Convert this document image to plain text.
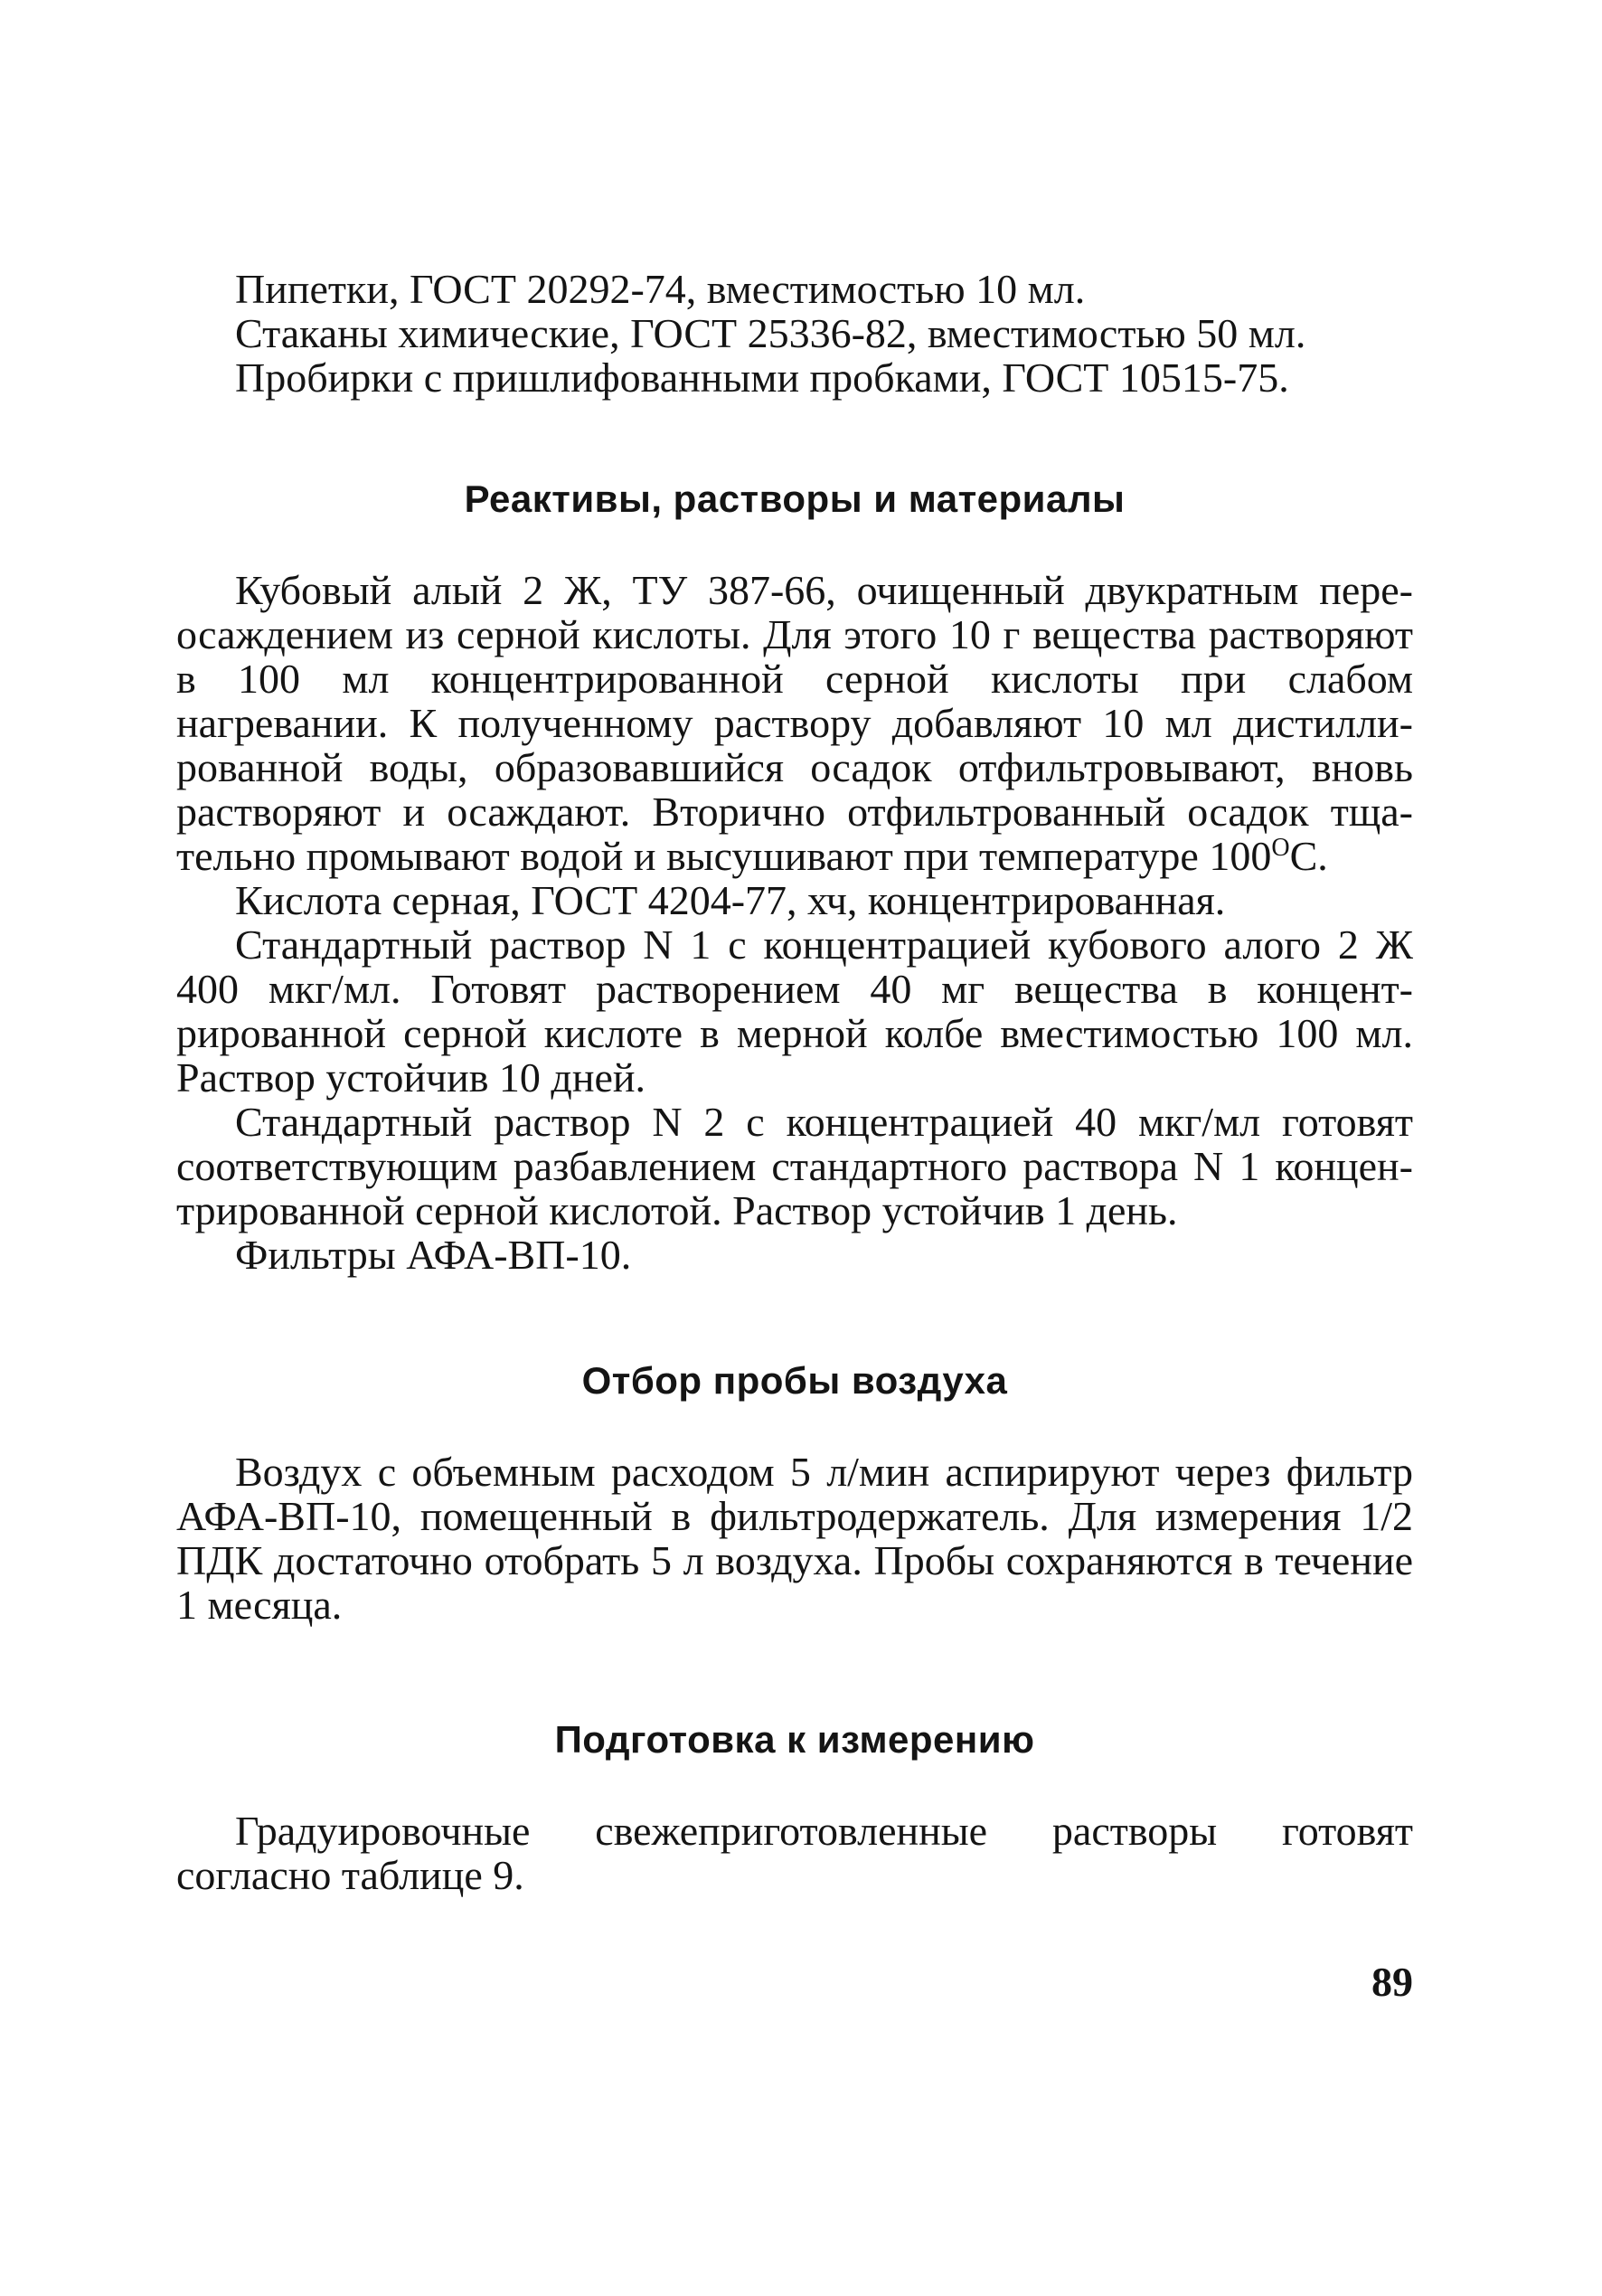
Пипетки, ГОСТ 20292-74, вместимостью 10 мл.

Стаканы химические, ГОСТ 25336-82, вместимостью 50 мл.

Пробирки с пришлифованными пробками, ГОСТ 10515-75.

Реактивы, растворы и материалы

Кубовый алый 2 Ж, ТУ 387-66, очищенный двукратным переосаждением из серной кислоты. Для этого 10 г вещества растворяют в 100 мл концентрированной серной кислоты при слабом нагревании. К полученному раствору добавляют 10 мл дистиллированной воды, образовавшийся осадок отфильтровывают, вновь растворяют и осаждают. Вторично отфильтрованный осадок тщательно промывают водой и высушивают при температуре $100^ОС$.

Кислота серная, ГОСТ 4204-77, хч, концентрированная.

Стандартный раствор N 1 с концентрацией кубового алого 2 Ж 400 мкг/мл. Готовят растворением 40 мг вещества в концентрированной серной кислоте в мерной колбе вместимостью 100 мл. Раствор устойчив 10 дней.

Стандартный раствор N 2 с концентрацией 40 мкг/мл готовят соответствующим разбавлением стандартного раствора N 1 концентрированной серной кислотой. Раствор устойчив 1 день.

Фильтры АФА-ВП-10.

Отбор пробы воздуха

Воздух с объемным расходом 5 л/мин аспирируют через фильтр АФА-ВП-10, помещенный в фильтродержатель. Для измерения 1/2 ПДК достаточно отобрать 5 л воздуха. Пробы сохраняются в течение 1 месяца.

Подготовка к измерению

Градуировочные свежеприготовленные растворы готовят согласно таблице 9.

89
